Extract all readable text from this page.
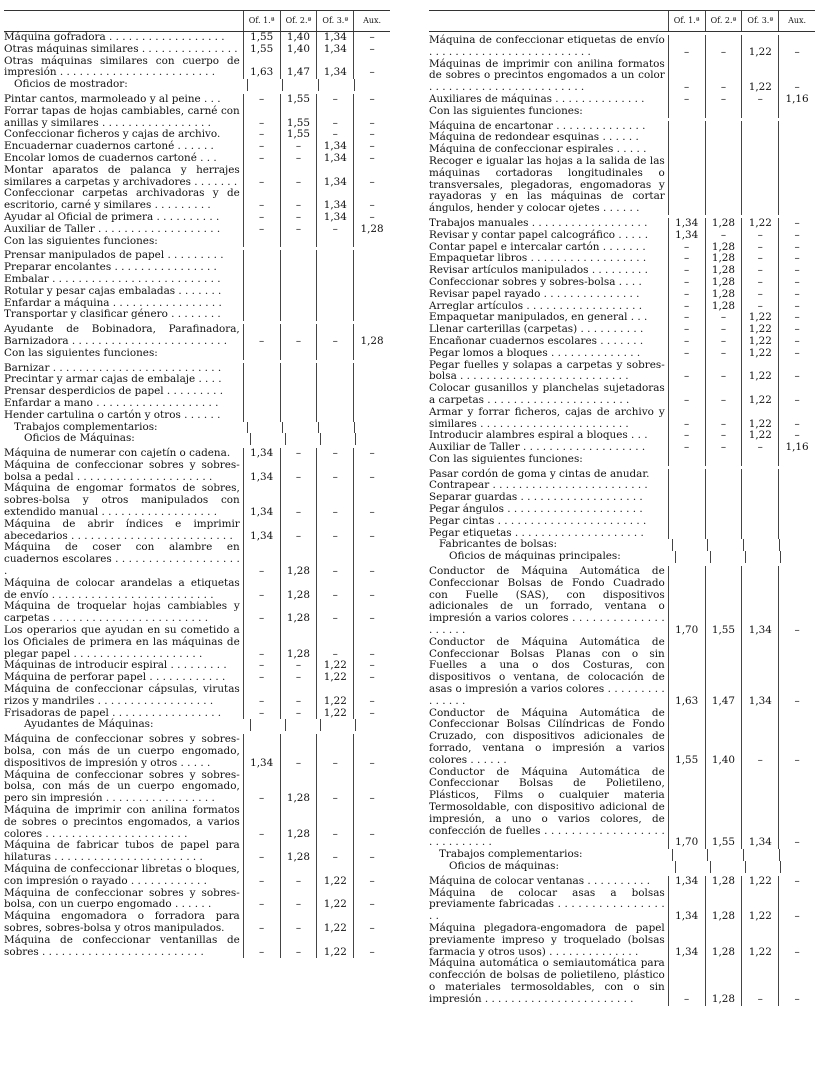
Of. 1.ª	Of. 2.ª	Of. 3.ª	Aux.
Máquina gofradora . . . . . . . . . . . . . . . . . .	1,55	1,40	1,34	–
Otras máquinas similares . . . . . . . . . . . . . . .	1,55	1,40	1,34	–
Otras máquinas similares con cuerpo de impresión . . . . . . . . . . . . . . . . . . . . . . . .	1,63	1,47	1,34	–
Oficios de mostrador:
Pintar cantos, marmoleado y al peine . . .	–	1,55	–	–
Forrar tapas de hojas cambiables, carné con anillas y similares . . . . . . . . . . . . . . . . .	–	1,55	–	–
Confeccionar ficheros y cajas de archivo.	–	1,55	–	–
Encuadernar cuadernos cartoné . . . . . .	–	–	1,34	–
Encolar lomos de cuadernos cartoné . . .	–	–	1,34	–
Montar aparatos de palanca y herrajes similares a carpetas y archivadores . . . . . . .	–	–	1,34	–
Confeccionar carpetas archivadoras y de escritorio, carné y similares . . . . . . . . .	–	–	1,34	–
Ayudar al Oficial de primera . . . . . . . . . .	–	–	1,34	–
Auxiliar de Taller . . . . . . . . . . . . . . . . . . .	–	–	–	1,28
Con las siguientes funciones:
Prensar manipulados de papel . . . . . . . . .
Preparar encolantes . . . . . . . . . . . . . . . .
Embalar . . . . . . . . . . . . . . . . . . . . . . . . . .
Rotular y pesar cajas embaladas . . . . . . .
Enfardar a máquina . . . . . . . . . . . . . . . . .
Transportar y clasificar género . . . . . . . .
Ayudante de Bobinadora, Parafinadora, Barnizadora . . . . . . . . . . . . . . . . . . . . . . . .	–	–	–	1,28
Con las siguientes funciones:
Barnizar . . . . . . . . . . . . . . . . . . . . . . . . . .
Precintar y armar cajas de embalaje . . . .
Prensar desperdicios de papel . . . . . . . . .
Enfardar a mano . . . . . . . . . . . . . . . . . . .
Hender cartulina o cartón y otros . . . . . .
Trabajos complementarios:
Oficios de Máquinas:
Máquina de numerar con cajetín o cadena.	1,34	–	–	–
Máquina de confeccionar sobres y sobres-bolsa a pedal . . . . . . . . . . . . . . . . . . . . .	1,34	–	–	–
Máquina de engomar formatos de sobres, sobres-bolsa y otros manipulados con extendido manual . . . . . . . . . . . . . . . . . .	1,34	–	–	–
Máquina de abrir índices e imprimir abecedarios . . . . . . . . . . . . . . . . . . . . . . . . .	1,34	–	–	–
Máquina de coser con alambre en cuadernos escolares . . . . . . . . . . . . . . . . . . . .	–	1,28	–	–
Máquina de colocar arandelas a etiquetas de envío . . . . . . . . . . . . . . . . . . . . . . . . .	–	1,28	–	–
Máquina de troquelar hojas cambiables y carpetas . . . . . . . . . . . . . . . . . . . . . . . .	–	1,28	–	–
Los operarios que ayudan en su cometido a los Oficiales de primera en las máquinas de plegar papel . . . . . . . . . . . . . . . . . . . .	–	1,28	–	–
Máquinas de introducir espiral . . . . . . . . .	–	–	1,22	–
Máquina de perforar papel . . . . . . . . . . . .	–	–	1,22	–
Máquina de confeccionar cápsulas, virutas rizos y mandriles . . . . . . . . . . . . . . . . . .	–	–	1,22	–
Frisadoras de papel . . . . . . . . . . . . . . . . .	–	–	1,22	–
Ayudantes de Máquinas:
Máquina de confeccionar sobres y sobres-bolsa, con más de un cuerpo engomado, dispositivos de impresión y otros . . . . .	1,34	–	–	–
Máquina de confeccionar sobres y sobres-bolsa, con más de un cuerpo engomado, pero sin impresión . . . . . . . . . . . . . . . . .	–	1,28	–	–
Máquina de imprimir con anilina formatos de sobres o precintos engomados, a varios colores . . . . . . . . . . . . . . . . . . . . . .	–	1,28	–	–
Máquina de fabricar tubos de papel para hilaturas . . . . . . . . . . . . . . . . . . . . . . .	–	1,28	–	–
Máquina de confeccionar libretas o bloques, con impresión o rayado . . . . . . . . . . . .	–	–	1,22	–
Máquina de confeccionar sobres y sobres-bolsa, con un cuerpo engomado . . . . . .	–	–	1,22	–
Máquina engomadora o forradora para sobres, sobres-bolsa y otros manipulados.	–	–	1,22	–
Máquina de confeccionar ventanillas de sobres . . . . . . . . . . . . . . . . . . . . . . . . .	–	–	1,22	–
Of. 1.ª	Of. 2.ª	Of. 3.ª	Aux.
Máquina de confeccionar etiquetas de envío . . . . . . . . . . . . . . . . . . . . . . . . .	–	–	1,22	–
Máquinas de imprimir con anilina formatos de sobres o precintos engomados a un color . . . . . . . . . . . . . . . . . . . . . . . .	–	–	1,22	–
Auxiliares de máquinas . . . . . . . . . . . . . .	–	–	–	1,16
Con las siguientes funciones:
Máquina de encartonar . . . . . . . . . . . . . .
Máquina de redondear esquinas . . . . . .
Máquina de confeccionar espirales . . . . .
Recoger e igualar las hojas a la salida de las máquinas cortadoras longitudinales o transversales, plegadoras, engomadoras y rayadoras y en las máquinas de cortar ángulos, hender y colocar ojetes . . . . . .
Trabajos manuales . . . . . . . . . . . . . . . . . .	1,34	1,28	1,22	–
Revisar y contar papel calcográfico . . . . .	1,34	–	–	–
Contar papel e intercalar cartón . . . . . . .	–	1,28	–	–
Empaquetar libros . . . . . . . . . . . . . . . . . .	–	1,28	–	–
Revisar artículos manipulados . . . . . . . . .	–	1,28	–	–
Confeccionar sobres y sobres-bolsa . . . .	–	1,28	–	–
Revisar papel rayado . . . . . . . . . . . . . . .	–	1,28	–	–
Arreglar artículos . . . . . . . . . . . . . . . . . .	–	1,28	–	–
Empaquetar manipulados, en general . . .	–	–	1,22	–
Llenar carterillas (carpetas) . . . . . . . . . .	–	–	1,22	–
Encañonar cuadernos escolares . . . . . . .	–	–	1,22	–
Pegar lomos a bloques . . . . . . . . . . . . . .	–	–	1,22	–
Pegar fuelles y solapas a carpetas y sobres-bolsa . . . . . . . . . . . . . . . . . . . . . . . . . .	–	–	1,22	–
Colocar gusanillos y planchelas sujetadoras a carpetas . . . . . . . . . . . . . . . . . . . . . .	–	–	1,22	–
Armar y forrar ficheros, cajas de archivo y similares . . . . . . . . . . . . . . . . . . . . . . .	–	–	1,22	–
Introducir alambres espiral a bloques . . .	–	–	1,22	–
Auxiliar de Taller . . . . . . . . . . . . . . . . . . .	–	–	–	1,16
Con las siguientes funciones:
Pasar cordón de goma y cintas de anudar.
Contrapear . . . . . . . . . . . . . . . . . . . . . . . .
Separar guardas . . . . . . . . . . . . . . . . . . .
Pegar ángulos . . . . . . . . . . . . . . . . . . . . .
Pegar cintas . . . . . . . . . . . . . . . . . . . . . . .
Pegar etiquetas . . . . . . . . . . . . . . . . . . . .
Fabricantes de bolsas:
Oficios de máquinas principales:
Conductor de Máquina Automática de Confeccionar Bolsas de Fondo Cuadrado con Fuelle (SAS), con dispositivos adicionales de un forrado, ventana o impresión a varios colores . . . . . . . . . . . . . . . . . . . .	1,70	1,55	1,34	–
Conductor de Máquina Automática de Confeccionar Bolsas Planas con o sin Fuelles a una o dos Costuras, con dispositivos o ventana, de colocación de asas o impresión a varios colores . . . . . . . . . . . . . . .	1,63	1,47	1,34	–
Conductor de Máquina Automática de Confeccionar Bolsas Cilíndricas de Fondo Cruzado, con dispositivos adicionales de forrado, ventana o impresión a varios colores . . . . . .	1,55	1,40	–	–
Conductor de Máquina Automática de Confeccionar Bolsas de Polietileno, Plásticos, Films o cualquier materia Termosoldable, con dispositivo adicional de impresión, a uno o varios colores, de confección de fuelles . . . . . . . . . . . . . . . . . . . . . . . . . . . .	1,70	1,55	1,34	–
Trabajos complementarios:
Oficios de máquinas:
Máquina de colocar ventanas . . . . . . . . . .	1,34	1,28	1,22	–
Máquina de colocar asas a bolsas previamente fabricadas . . . . . . . . . . . . . . . . . .	1,34	1,28	1,22	–
Máquina plegadora-engomadora de papel previamente impreso y troquelado (bolsas farmacia y otros usos) . . . . . . . . . . . . . .	1,34	1,28	1,22	–
Máquina automática o semiautomática para confección de bolsas de polietileno, plástico o materiales termosoldables, con o sin impresión . . . . . . . . . . . . . . . . . . . . . . .	–	1,28	–	–
